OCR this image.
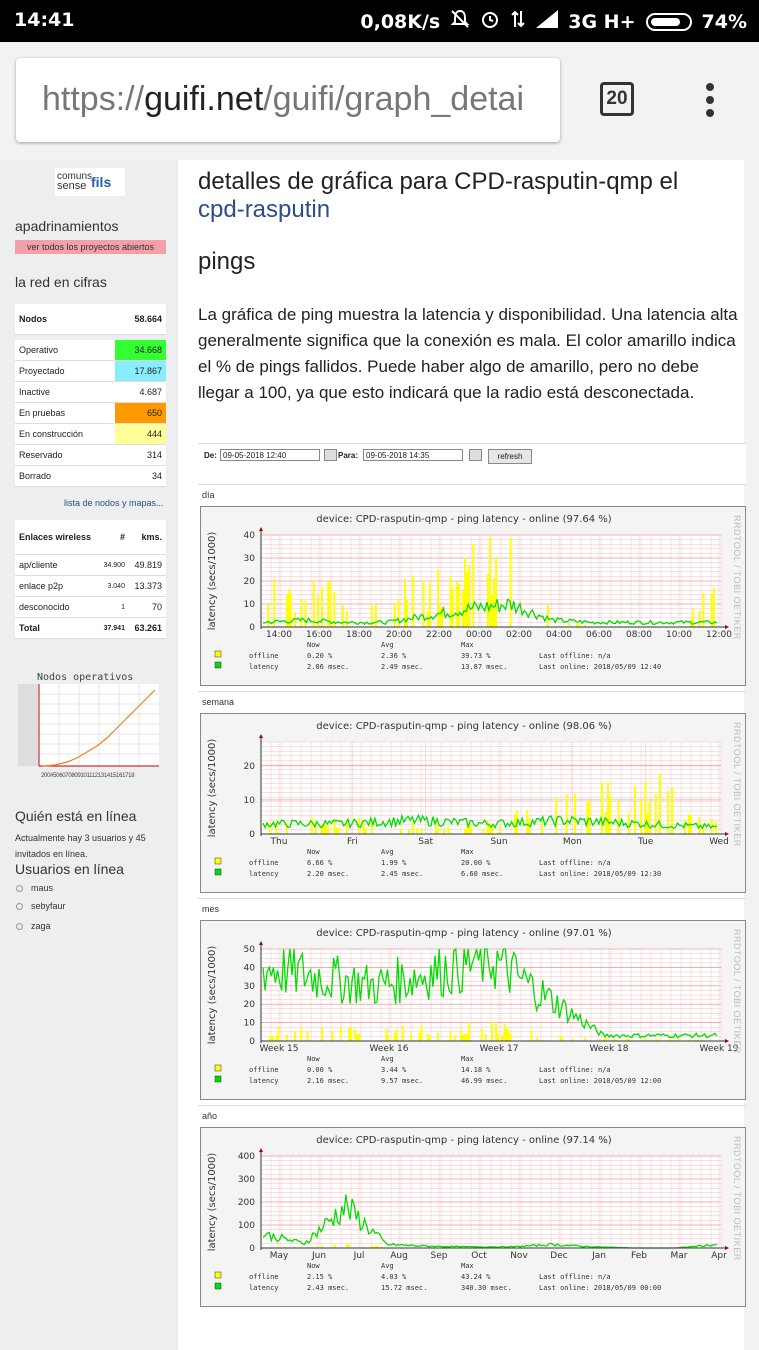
14:41	0,08K/s	3G H+	74%
https://guifi.net/guifi/graph_detai	20
comuns
sense fils
apadrinamientos
ver todos los proyectos abiertos
la red en cifras
Nodos	58.664
Operativo	34.668
Proyectado	17.867
Inactive	4.687
En pruebas	650
En construcción	444
Reservado	314
Borrado	34
lista de nodos y mapas...
Enlaces wireless	#	kms.
ap/cliente	34.900	49.819
enlace p2p	3.040	13.373
desconocido	1	70
Total	37.941	63.261
Nodos operativos
200#506070809101112131415161718
Quién está en línea
Actualmente hay 3 usuarios y 45 invitados en línea.
Usuarios en línea
maus
sebyfaur
zaga
detalles de gráfica para CPD-rasputin-qmp el
cpd-rasputin
pings
La gráfica de ping muestra la latencia y disponibilidad. Una latencia alta generalmente significa que la conexión es mala. El color amarillo indica el % de pings fallidos. Puede haber algo de amarillo, pero no debe llegar a 100, ya que esto indicará que la radio está desconectada.
De: 09-05-2018 12:40	Para: 09-05-2018 14:35	refresh
día
device: CPD-rasputin-qmp - ping latency - online (97.64 %)
latency (secs/1000)	40
30
20
10
0
14:00 16:00 18:00 20:00 22:00 00:00 02:00 04:00 06:00 08:00 10:00 12:00
Now	Avg	Max
offline	0.20 %	2.36 %	39.73 %	Last offline: n/a
latency	2.06 msec.	2.49 msec.	13.87 msec.	Last online: 2018/05/09 12:40
RRDTOOL / TOBI OETIKER
semana
device: CPD-rasputin-qmp - ping latency - online (98.06 %)
latency (secs/1000)	20
10
0
Thu	Fri	Sat	Sun	Mon	Tue	Wed
Now	Avg	Max
offline	6.66 %	1.99 %	20.00 %	Last offline: n/a
latency	2.20 msec.	2.45 msec.	6.60 msec.	Last online: 2018/05/09 12:30
RRDTOOL / TOBI OETIKER
mes
device: CPD-rasputin-qmp - ping latency - online (97.01 %)
latency (secs/1000)	50
40
30
20
10
0
Week 15	Week 16	Week 17	Week 18	Week 19
Now	Avg	Max
offline	0.00 %	3.44 %	14.18 %	Last offline: n/a
latency	2.16 msec.	9.57 msec.	46.99 msec.	Last online: 2018/05/09 12:00
RRDTOOL / TOBI OETIKER
año
device: CPD-rasputin-qmp - ping latency - online (97.14 %)
latency (secs/1000) 400
300
200
100
0
May	Jun	Jul	Aug	Sep	Oct	Nov	Dec	Jan	Feb	Mar	Apr
Now	Avg	Max
offline	2.15 %	4.03 %	43.24 %	Last offline: n/a
latency	2.43 msec.	15.72 msec.	340.30 msec.	Last online: 2018/05/09 00:00
RRDTOOL / TOBI OETIKER
